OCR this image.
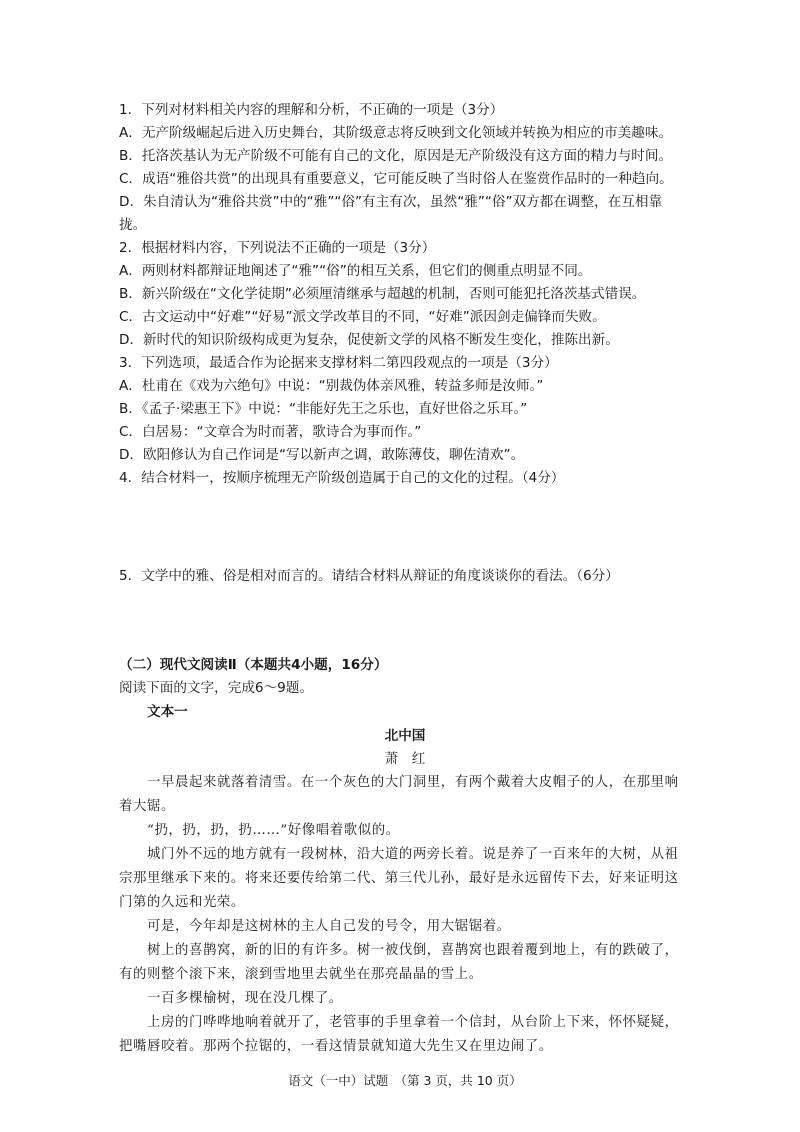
1．下列对材料相关内容的理解和分析，不正确的一项是（3分）
A．无产阶级崛起后进入历史舞台，其阶级意志将反映到文化领域并转换为相应的市美趣味。
B．托洛茨基认为无产阶级不可能有自己的文化，原因是无产阶级没有这方面的精力与时间。
C．成语“雅俗共赏”的出现具有重要意义，它可能反映了当时俗人在鉴赏作品时的一种趋向。
D．朱自清认为“雅俗共赏”中的“雅”“俗”有主有次，虽然“雅”“俗”双方都在调整，在互相靠
拢。
2．根据材料内容，下列说法不正确的一项是（3分）
A．两则材料都辩证地阐述了“雅”“俗”的相互关系，但它们的侧重点明显不同。
B．新兴阶级在“文化学徒期”必须厘清继承与超越的机制，否则可能犯托洛茨基式错误。
C．古文运动中“好难”“好易”派文学改革目的不同，“好难”派因剑走偏锋而失败。
D．新时代的知识阶级构成更为复杂，促使新文学的风格不断发生变化，推陈出新。
3．下列选项，最适合作为论据来支撑材料二第四段观点的一项是（3分）
A．杜甫在《戏为六绝句》中说：“别裁伪体亲风雅，转益多师是汝师。”
B．《孟子·梁惠王下》中说：“非能好先王之乐也，直好世俗之乐耳。”
C．白居易：“文章合为时而著，歌诗合为事而作。”
D．欧阳修认为自己作词是“写以新声之调，敢陈薄伎，聊佐清欢”。
4．结合材料一，按顺序梳理无产阶级创造属于自己的文化的过程。（4分）
5．文学中的雅、俗是相对而言的。请结合材料从辩证的角度谈谈你的看法。（6分）
（二）现代文阅读Ⅱ（本题共4小题，16分）
阅读下面的文字，完成6～9题。
文本一
北中国
萧　红
一早晨起来就落着清雪。在一个灰色的大门洞里，有两个戴着大皮帽子的人，在那里响
着大锯。
“扔，扔，扔，扔……”好像唱着歌似的。
城门外不远的地方就有一段树林，沿大道的两旁长着。说是养了一百来年的大树，从祖
宗那里继承下来的。将来还要传给第二代、第三代儿孙，最好是永远留传下去，好来证明这
门第的久远和光荣。
可是，今年却是这树林的主人自己发的号令，用大锯锯着。
树上的喜鹊窝，新的旧的有许多。树一被伐倒，喜鹊窝也跟着覆到地上，有的跌破了，
有的则整个滚下来，滚到雪地里去就坐在那亮晶晶的雪上。
一百多棵榆树，现在没几棵了。
上房的门哗哗地响着就开了，老管事的手里拿着一个信封，从台阶上下来，怀怀疑疑，
把嘴唇咬着。那两个拉锯的，一看这情景就知道大先生又在里边闹了。
语文（一中）试题　（第 3 页，共 10 页）
